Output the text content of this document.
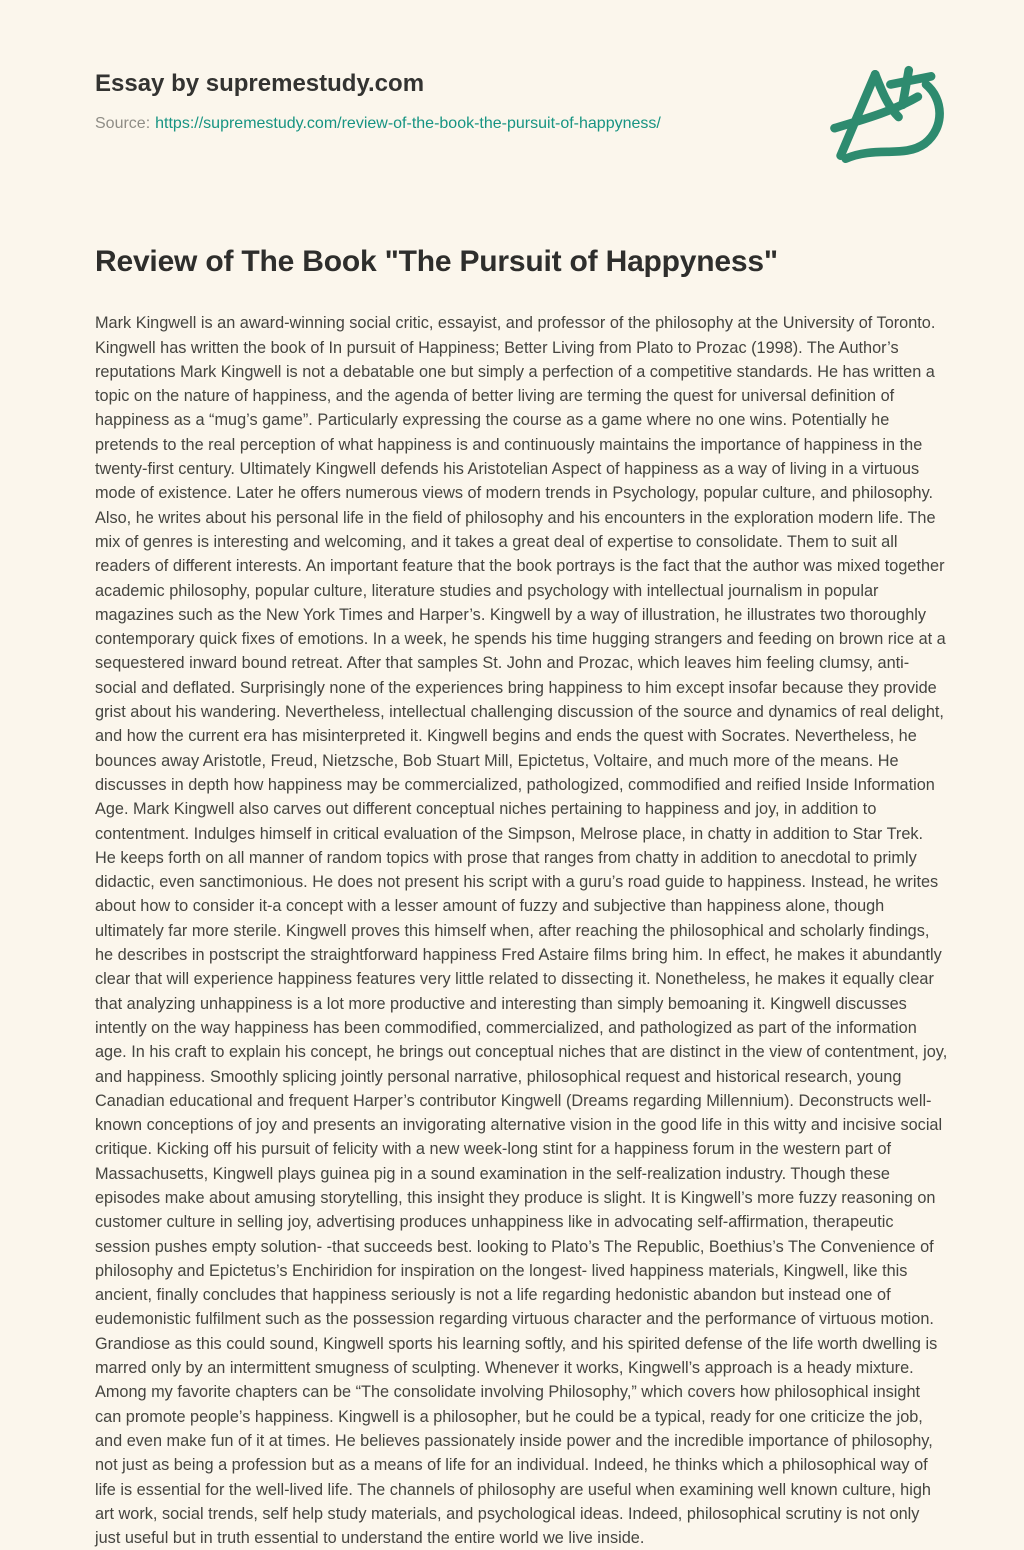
Essay by supremestudy.com

Source: https://supremestudy.com/review-of-the-book-the-pursuit-of-happyness/

Review of The Book "The Pursuit of Happyness"

Mark Kingwell is an award-winning social critic, essayist, and professor of the philosophy at the University of Toronto. Kingwell has written the book of In pursuit of Happiness; Better Living from Plato to Prozac (1998). The Author’s reputations Mark Kingwell is not a debatable one but simply a perfection of a competitive standards. He has written a topic on the nature of happiness, and the agenda of better living are terming the quest for universal definition of happiness as a “mug’s game”. Particularly expressing the course as a game where no one wins. Potentially he pretends to the real perception of what happiness is and continuously maintains the importance of happiness in the twenty-first century. Ultimately Kingwell defends his Aristotelian Aspect of happiness as a way of living in a virtuous mode of existence. Later he offers numerous views of modern trends in Psychology, popular culture, and philosophy. Also, he writes about his personal life in the field of philosophy and his encounters in the exploration modern life. The mix of genres is interesting and welcoming, and it takes a great deal of expertise to consolidate. Them to suit all readers of different interests. An important feature that the book portrays is the fact that the author was mixed together academic philosophy, popular culture, literature studies and psychology with intellectual journalism in popular magazines such as the New York Times and Harper’s. Kingwell by a way of illustration, he illustrates two thoroughly contemporary quick fixes of emotions. In a week, he spends his time hugging strangers and feeding on brown rice at a sequestered inward bound retreat. After that samples St. John and Prozac, which leaves him feeling clumsy, anti-social and deflated. Surprisingly none of the experiences bring happiness to him except insofar because they provide grist about his wandering. Nevertheless, intellectual challenging discussion of the source and dynamics of real delight, and how the current era has misinterpreted it. Kingwell begins and ends the quest with Socrates. Nevertheless, he bounces away Aristotle, Freud, Nietzsche, Bob Stuart Mill, Epictetus, Voltaire, and much more of the means. He discusses in depth how happiness may be commercialized, pathologized, commodified and reified Inside Information Age. Mark Kingwell also carves out different conceptual niches pertaining to happiness and joy, in addition to contentment. Indulges himself in critical evaluation of the Simpson, Melrose place, in chatty in addition to Star Trek. He keeps forth on all manner of random topics with prose that ranges from chatty in addition to anecdotal to primly didactic, even sanctimonious. He does not present his script with a guru’s road guide to happiness. Instead, he writes about how to consider it-a concept with a lesser amount of fuzzy and subjective than happiness alone, though ultimately far more sterile. Kingwell proves this himself when, after reaching the philosophical and scholarly findings, he describes in postscript the straightforward happiness Fred Astaire films bring him. In effect, he makes it abundantly clear that will experience happiness features very little related to dissecting it. Nonetheless, he makes it equally clear that analyzing unhappiness is a lot more productive and interesting than simply bemoaning it. Kingwell discusses intently on the way happiness has been commodified, commercialized, and pathologized as part of the information age. In his craft to explain his concept, he brings out conceptual niches that are distinct in the view of contentment, joy, and happiness. Smoothly splicing jointly personal narrative, philosophical request and historical research, young Canadian educational and frequent Harper’s contributor Kingwell (Dreams regarding Millennium). Deconstructs well-known conceptions of joy and presents an invigorating alternative vision in the good life in this witty and incisive social critique. Kicking off his pursuit of felicity with a new week-long stint for a happiness forum in the western part of Massachusetts, Kingwell plays guinea pig in a sound examination in the self-realization industry. Though these episodes make about amusing storytelling, this insight they produce is slight. It is Kingwell’s more fuzzy reasoning on customer culture in selling joy, advertising produces unhappiness like in advocating self-affirmation, therapeutic session pushes empty solution- -that succeeds best. looking to Plato’s The Republic, Boethius’s The Convenience of philosophy and Epictetus’s Enchiridion for inspiration on the longest- lived happiness materials, Kingwell, like this ancient, finally concludes that happiness seriously is not a life regarding hedonistic abandon but instead one of eudemonistic fulfilment such as the possession regarding virtuous character and the performance of virtuous motion. Grandiose as this could sound, Kingwell sports his learning softly, and his spirited defense of the life worth dwelling is marred only by an intermittent smugness of sculpting. Whenever it works, Kingwell’s approach is a heady mixture. Among my favorite chapters can be “The consolidate involving Philosophy,” which covers how philosophical insight can promote people’s happiness. Kingwell is a philosopher, but he could be a typical, ready for one criticize the job, and even make fun of it at times. He believes passionately inside power and the incredible importance of philosophy, not just as being a profession but as a means of life for an individual. Indeed, he thinks which a philosophical way of life is essential for the well-lived life. The channels of philosophy are useful when examining well known culture, high art work, social trends, self help study materials, and psychological ideas. Indeed, philosophical scrutiny is not only just useful but in truth essential to understand the entire world we live inside.
